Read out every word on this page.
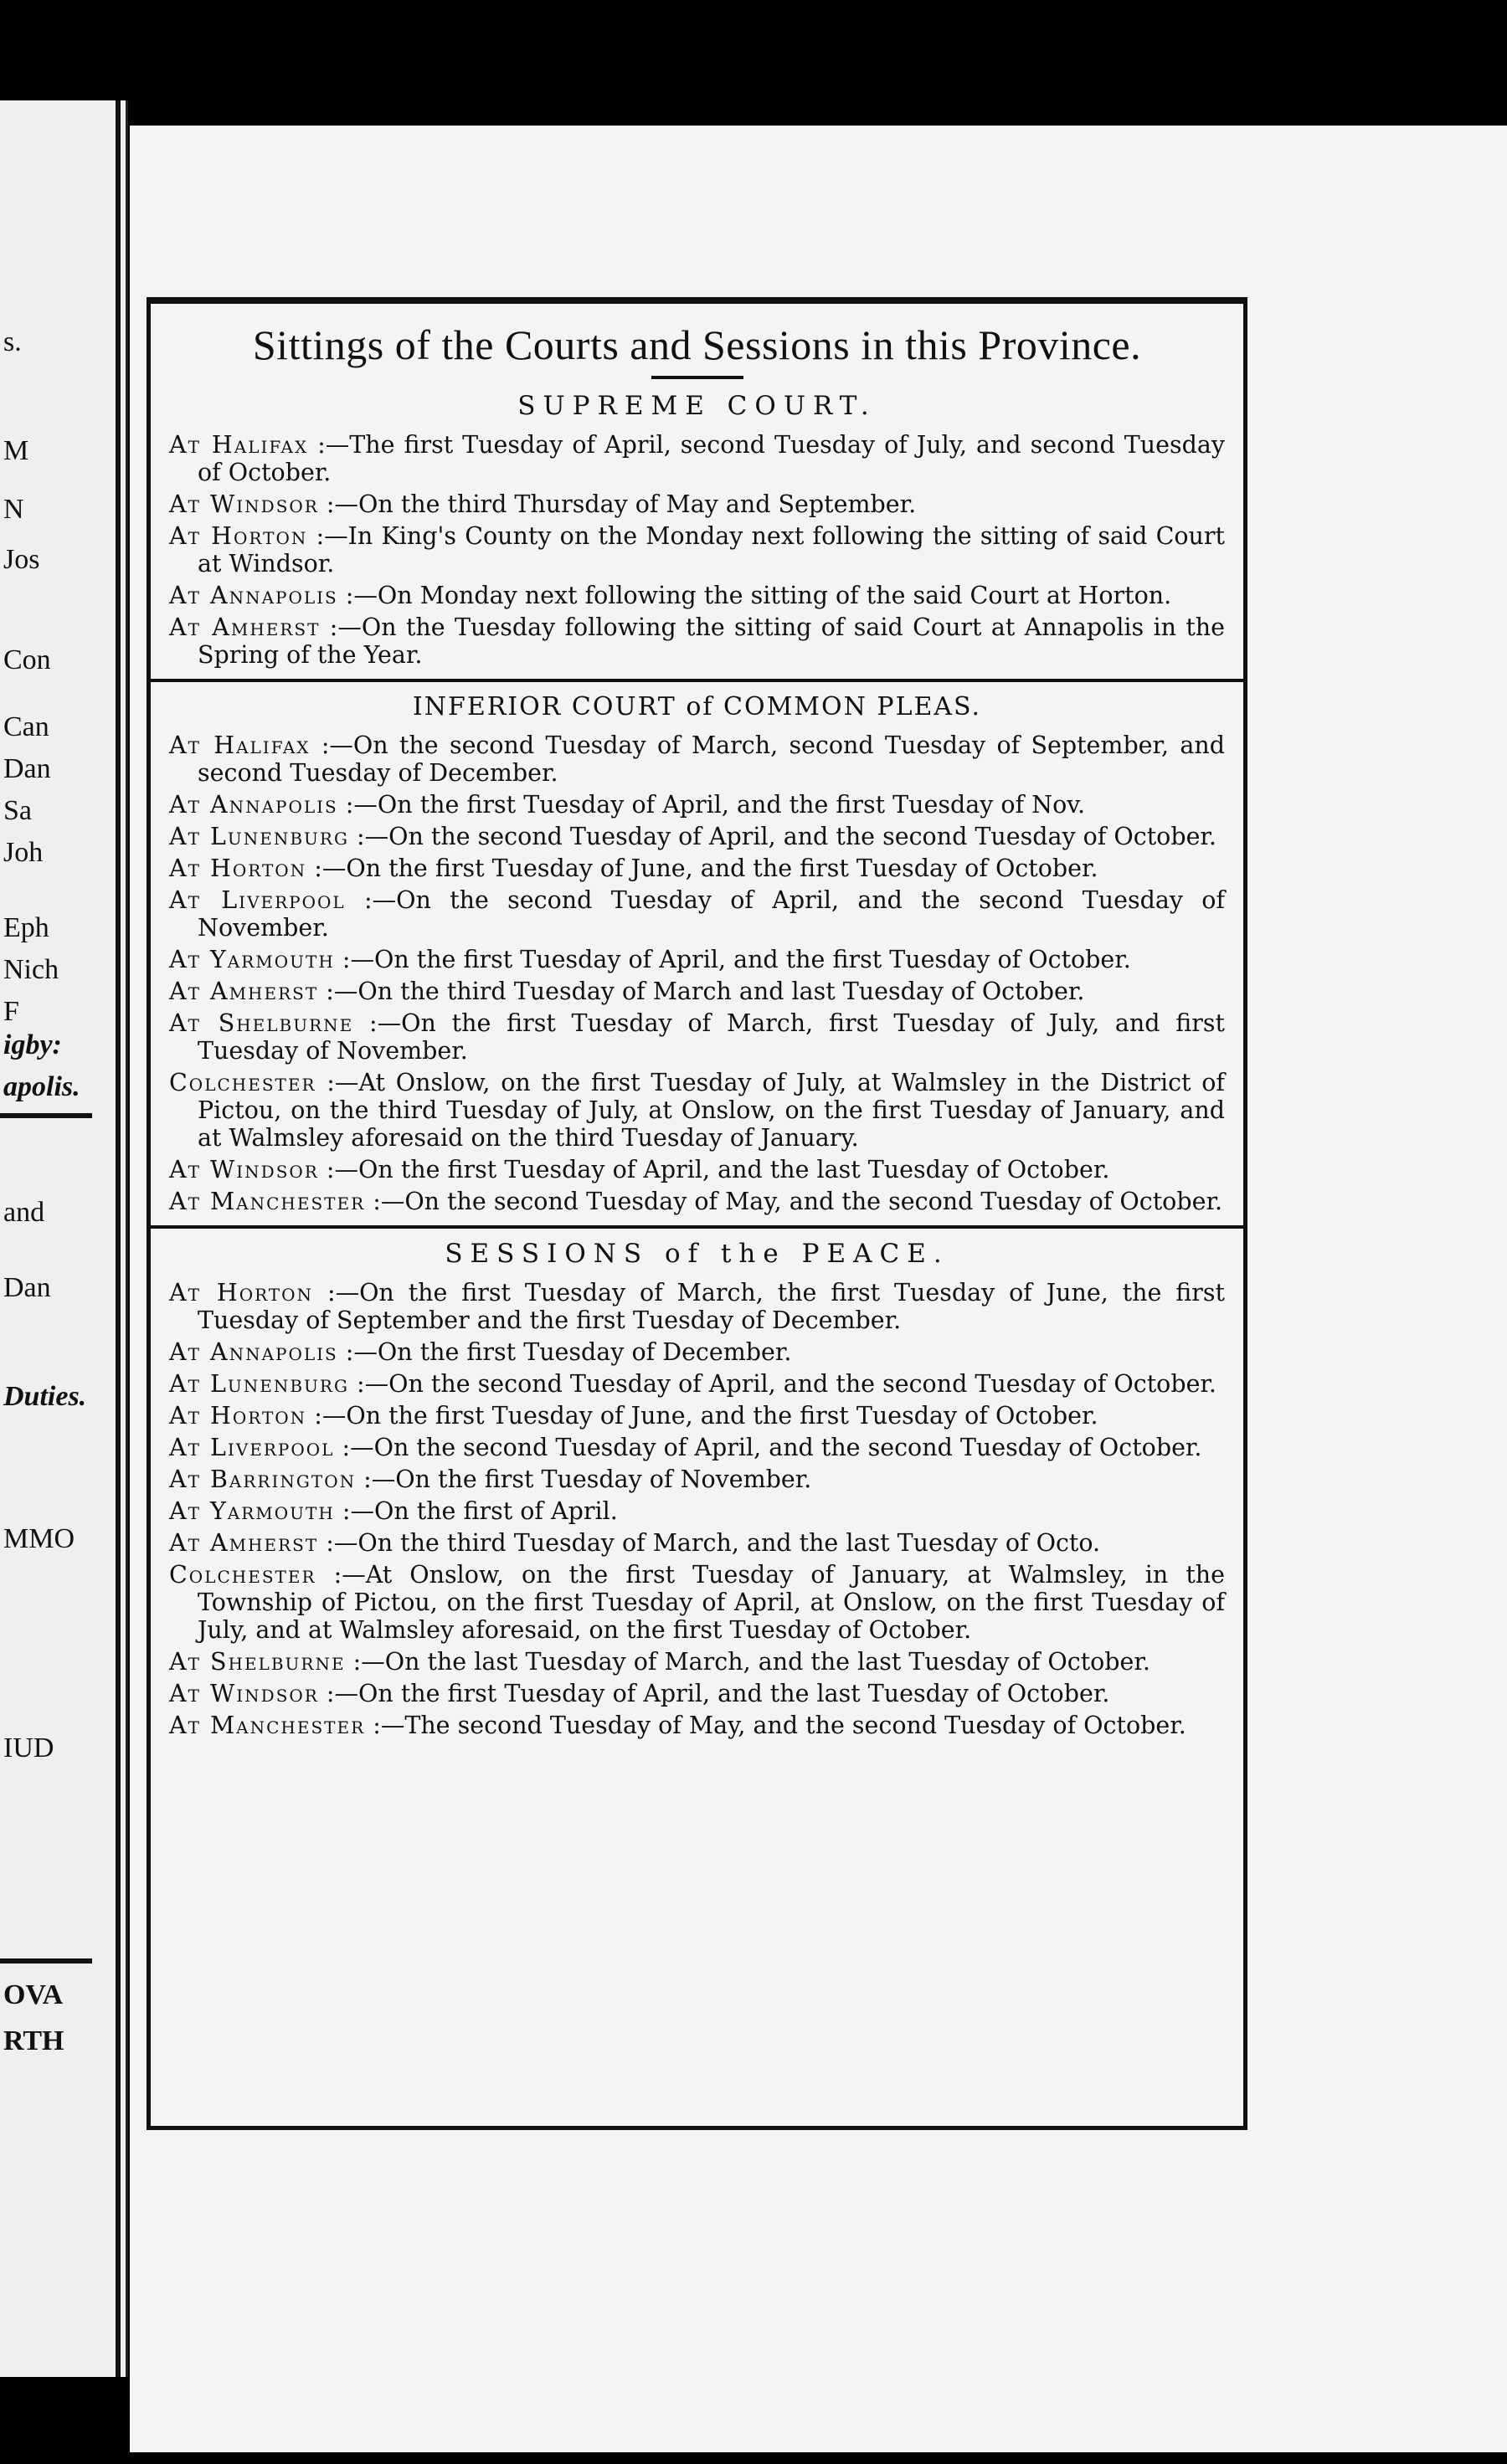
s.
M
N
Jos
Con
Can
Dan
Sa
Joh
Eph
Nich
F
igby:
apolis.
and
Dan
Duties.
MMO
IUD
OVA
RTH
Sittings of the Courts and Sessions in this Province.
SUPREME COURT.
At Halifax :—The first Tuesday of April, second Tuesday of July, and second Tuesday of October.
At Windsor :—On the third Thursday of May and September.
At Horton :—In King's County on the Monday next following the sitting of said Court at Windsor.
At Annapolis :—On Monday next following the sitting of the said Court at Horton.
At Amherst :—On the Tuesday following the sitting of said Court at Annapolis in the Spring of the Year.
INFERIOR COURT of COMMON PLEAS.
At Halifax :—On the second Tuesday of March, second Tuesday of September, and second Tuesday of December.
At Annapolis :—On the first Tuesday of April, and the first Tuesday of Nov.
At Lunenburg :—On the second Tuesday of April, and the second Tuesday of October.
At Horton :—On the first Tuesday of June, and the first Tuesday of October.
At Liverpool :—On the second Tuesday of April, and the second Tuesday of November.
At Yarmouth :—On the first Tuesday of April, and the first Tuesday of October.
At Amherst :—On the third Tuesday of March and last Tuesday of October.
At Shelburne :—On the first Tuesday of March, first Tuesday of July, and first Tuesday of November.
Colchester :—At Onslow, on the first Tuesday of July, at Walmsley in the District of Pictou, on the third Tuesday of July, at Onslow, on the first Tuesday of January, and at Walmsley aforesaid on the third Tuesday of January.
At Windsor :—On the first Tuesday of April, and the last Tuesday of October.
At Manchester :—On the second Tuesday of May, and the second Tuesday of October.
SESSIONS of the PEACE.
At Horton :—On the first Tuesday of March, the first Tuesday of June, the first Tuesday of September and the first Tuesday of December.
At Annapolis :—On the first Tuesday of December.
At Lunenburg :—On the second Tuesday of April, and the second Tuesday of October.
At Horton :—On the first Tuesday of June, and the first Tuesday of October.
At Liverpool :—On the second Tuesday of April, and the second Tuesday of October.
At Barrington :—On the first Tuesday of November.
At Yarmouth :—On the first of April.
At Amherst :—On the third Tuesday of March, and the last Tuesday of Octo.
Colchester :—At Onslow, on the first Tuesday of January, at Walmsley, in the Township of Pictou, on the first Tuesday of April, at Onslow, on the first Tuesday of July, and at Walmsley aforesaid, on the first Tuesday of October.
At Shelburne :—On the last Tuesday of March, and the last Tuesday of October.
At Windsor :—On the first Tuesday of April, and the last Tuesday of October.
At Manchester :—The second Tuesday of May, and the second Tuesday of October.
